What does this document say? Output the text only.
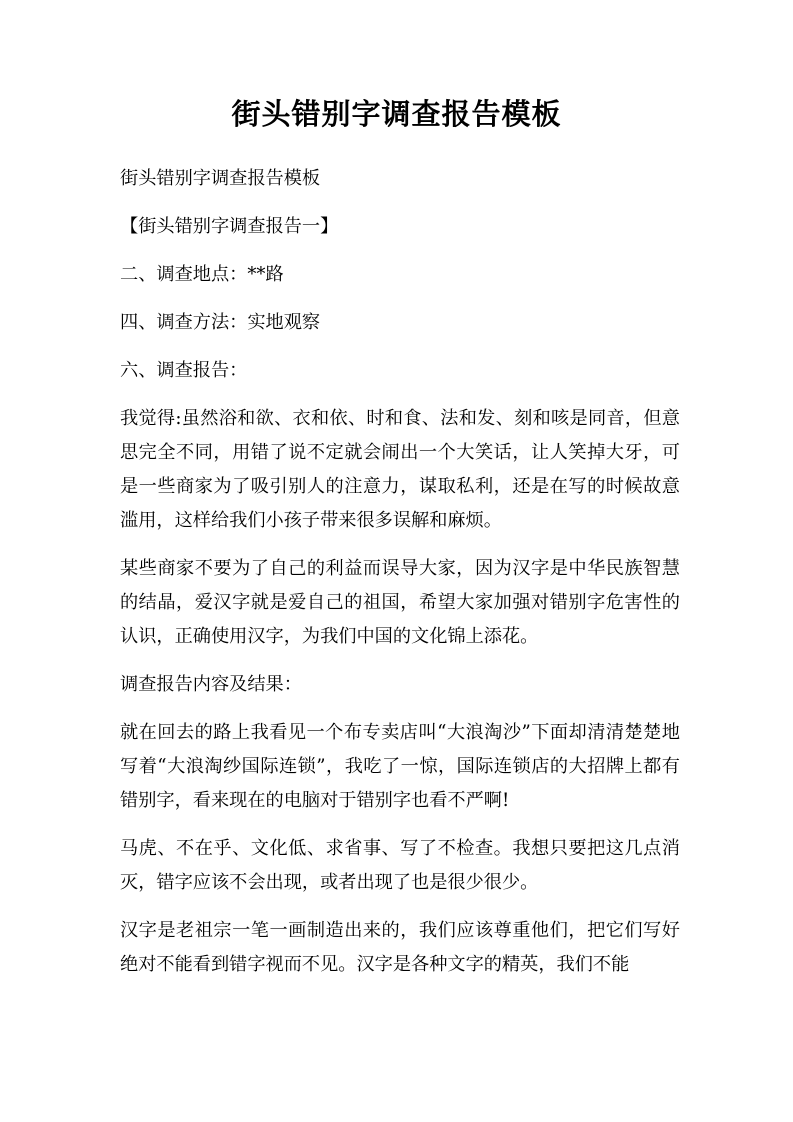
街头错别字调查报告模板

街头错别字调查报告模板

【街头错别字调查报告一】

二、调查地点：**路

四、调查方法：实地观察

六、调查报告：

我觉得:虽然浴和欲、衣和依、时和食、法和发、刻和咳是同音，但意思完全不同，用错了说不定就会闹出一个大笑话，让人笑掉大牙，可是一些商家为了吸引别人的注意力，谋取私利，还是在写的时候故意滥用，这样给我们小孩子带来很多误解和麻烦。

某些商家不要为了自己的利益而误导大家，因为汉字是中华民族智慧的结晶，爱汉字就是爱自己的祖国，希望大家加强对错别字危害性的认识，正确使用汉字，为我们中国的文化锦上添花。

调查报告内容及结果：

就在回去的路上我看见一个布专卖店叫“大浪淘沙”下面却清清楚楚地写着“大浪淘纱国际连锁”，我吃了一惊，国际连锁店的大招牌上都有错别字，看来现在的电脑对于错别字也看不严啊!

马虎、不在乎、文化低、求省事、写了不检查。我想只要把这几点消灭，错字应该不会出现，或者出现了也是很少很少。

汉字是老祖宗一笔一画制造出来的，我们应该尊重他们，把它们写好绝对不能看到错字视而不见。汉字是各种文字的精英，我们不能
